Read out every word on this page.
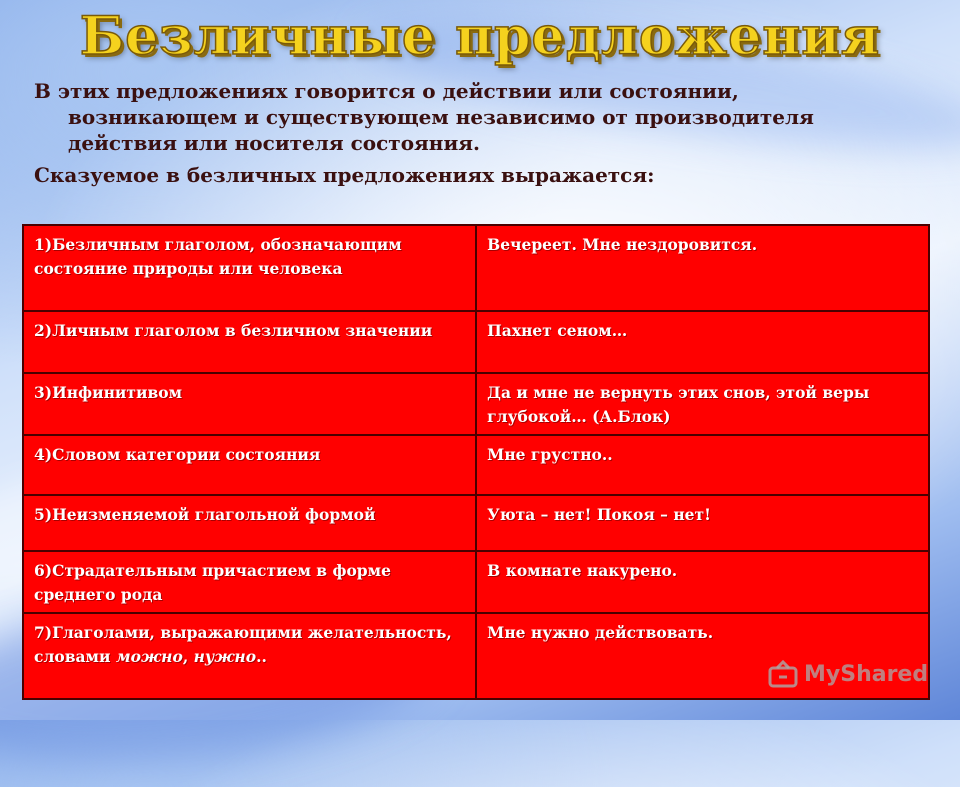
Безличные предложения

В этих предложениях говорится о действии или состоянии, возникающем и существующем независимо от производителя действия или носителя состояния.

Сказуемое в безличных предложениях выражается:

1)Безличным глаголом, обозначающим состояние природы или человека	Вечереет. Мне нездоровится.
2)Личным глаголом в безличном значении	Пахнет сеном…
3)Инфинитивом	Да и мне не вернуть этих снов, этой веры глубокой… (А.Блок)
4)Словом категории состояния	Мне грустно..
5)Неизменяемой глагольной формой	Уюта – нет! Покоя – нет!
6)Страдательным причастием в форме среднего рода	В комнате накурено.
7)Глаголами, выражающими желательность, словами можно, нужно..	Мне нужно действовать.
MyShared
